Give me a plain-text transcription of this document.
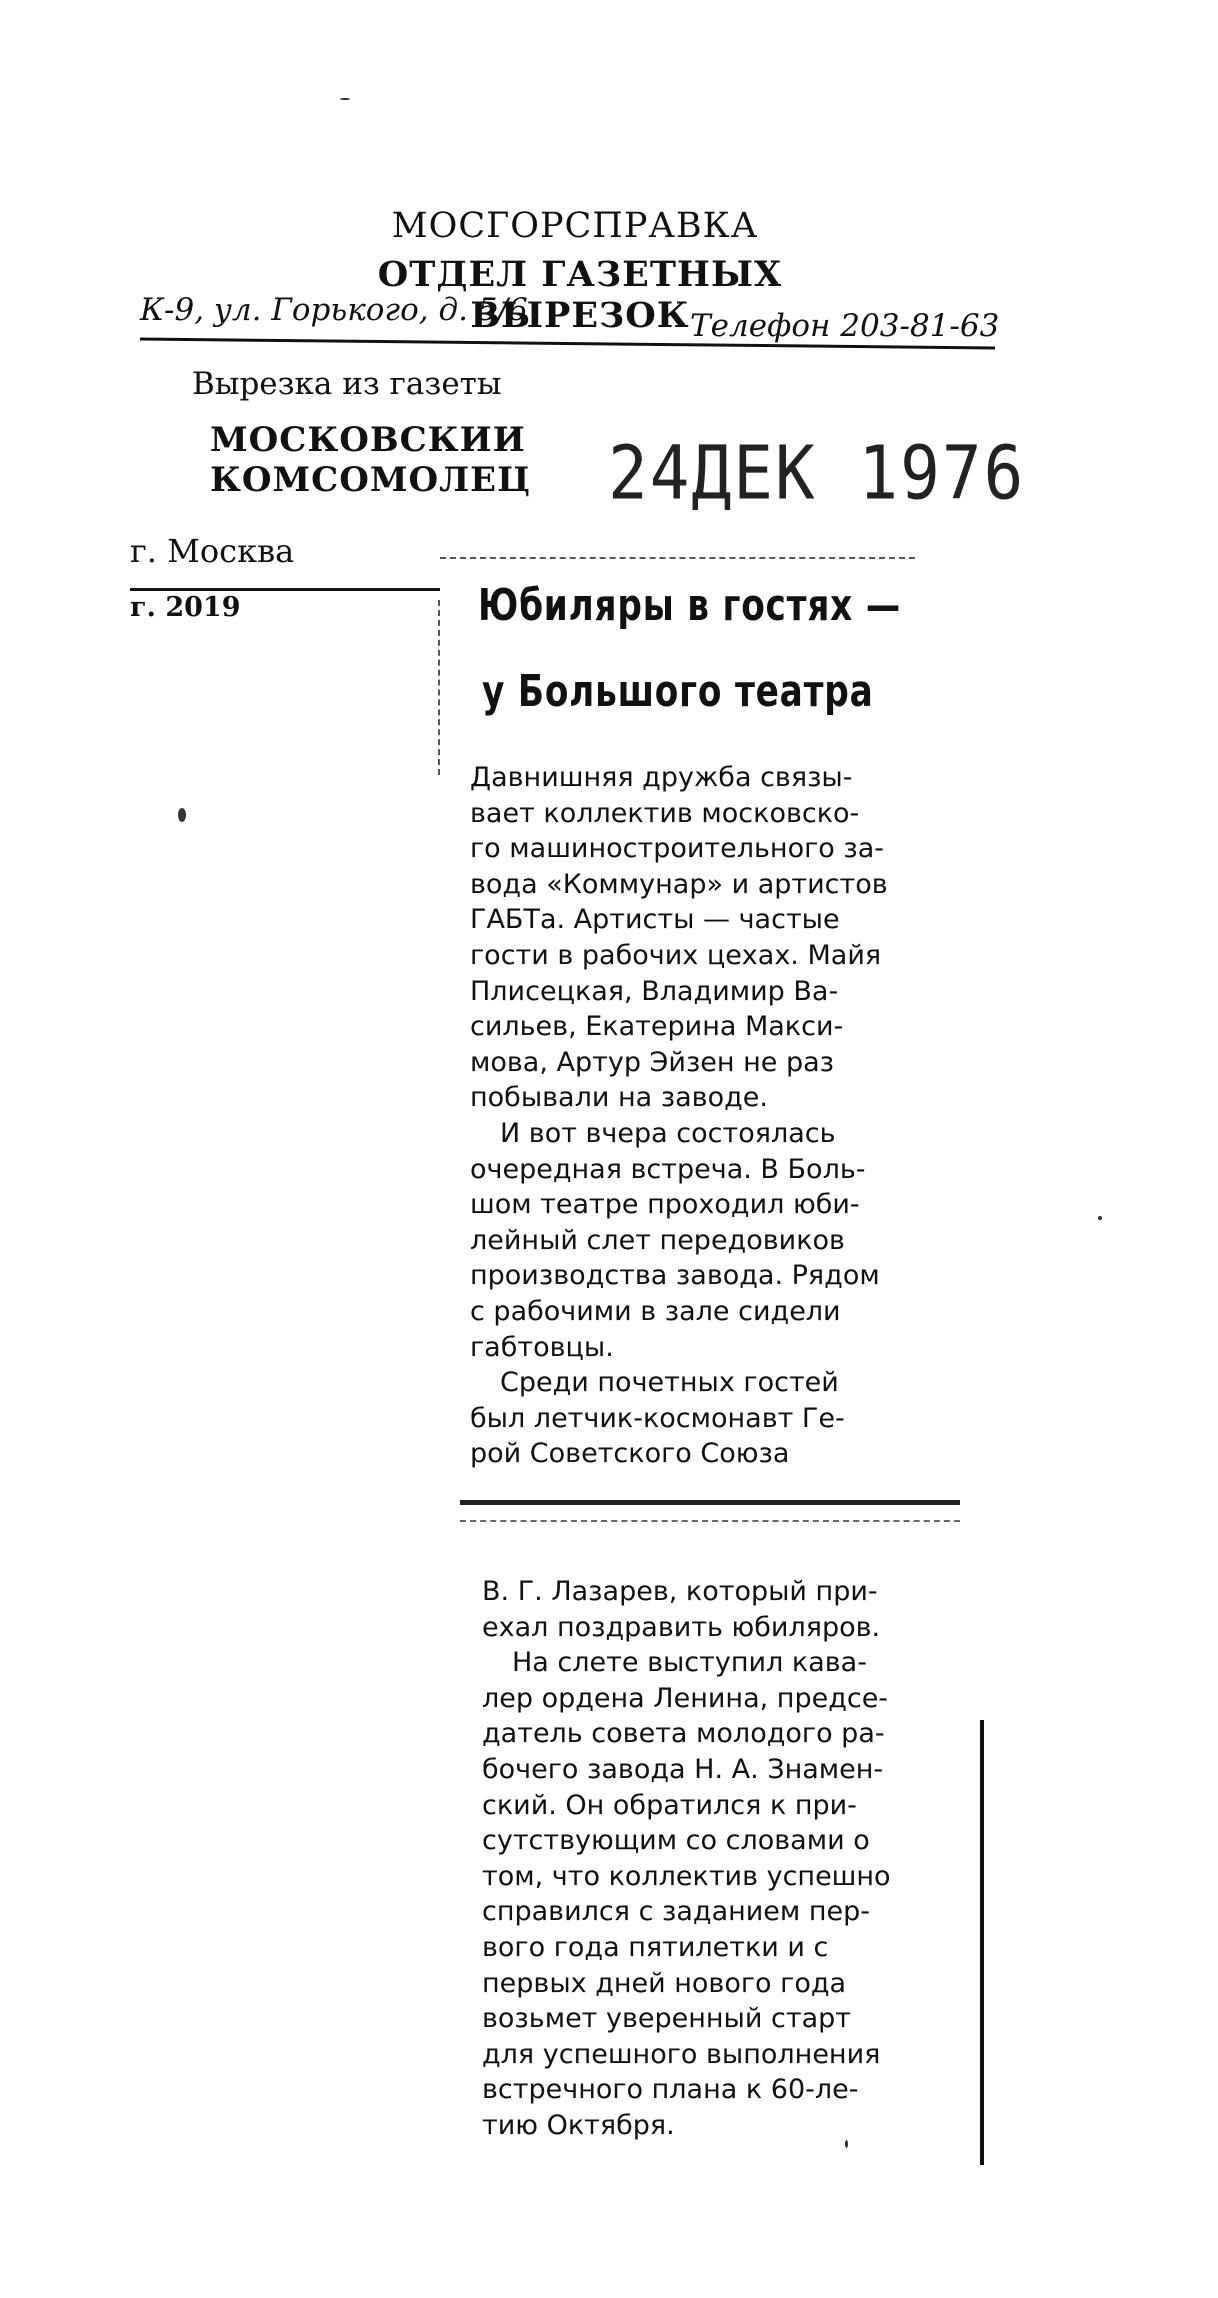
МОСГОРСПРАВКА
ОТДЕЛ ГАЗЕТНЫХ ВЫРЕЗОК
К-9, ул. Горького, д. 5/6	Телефон 203-81-63
Вырезка из газеты
МОСКОВСКИИ
КОМСОМОЛЕЦ 24ДЕК 1976
г. Москва
г. 2019	Юбиляры в гостях —
у Большого театра

Давнишняя дружба связы-

вает коллектив московско-

го машиностроительного за-

вода «Коммунар» и артистов

ГАБТа. Артисты — частые

гости в рабочих цехах. Майя

Плисецкая, Владимир Ва-

сильев, Екатерина Макси-

мова, Артур Эйзен не раз

побывали на заводе.

И вот вчера состоялась

очередная встреча. В Боль-

шом театре проходил юби-

лейный слет передовиков

производства завода. Рядом

с рабочими в зале сидели

габтовцы.

Среди почетных гостей

был летчик-космонавт Ге-

рой Советского Союза

В. Г. Лазарев, который при-

ехал поздравить юбиляров.

На слете выступил кава-

лер ордена Ленина, предсе-

датель совета молодого ра-

бочего завода Н. А. Знамен-

ский. Он обратился к при-

сутствующим со словами о

том, что коллектив успешно

справился с заданием пер-

вого года пятилетки и с

первых дней нового года

возьмет уверенный старт

для успешного выполнения

встречного плана к 60-ле-

тию Октября.
